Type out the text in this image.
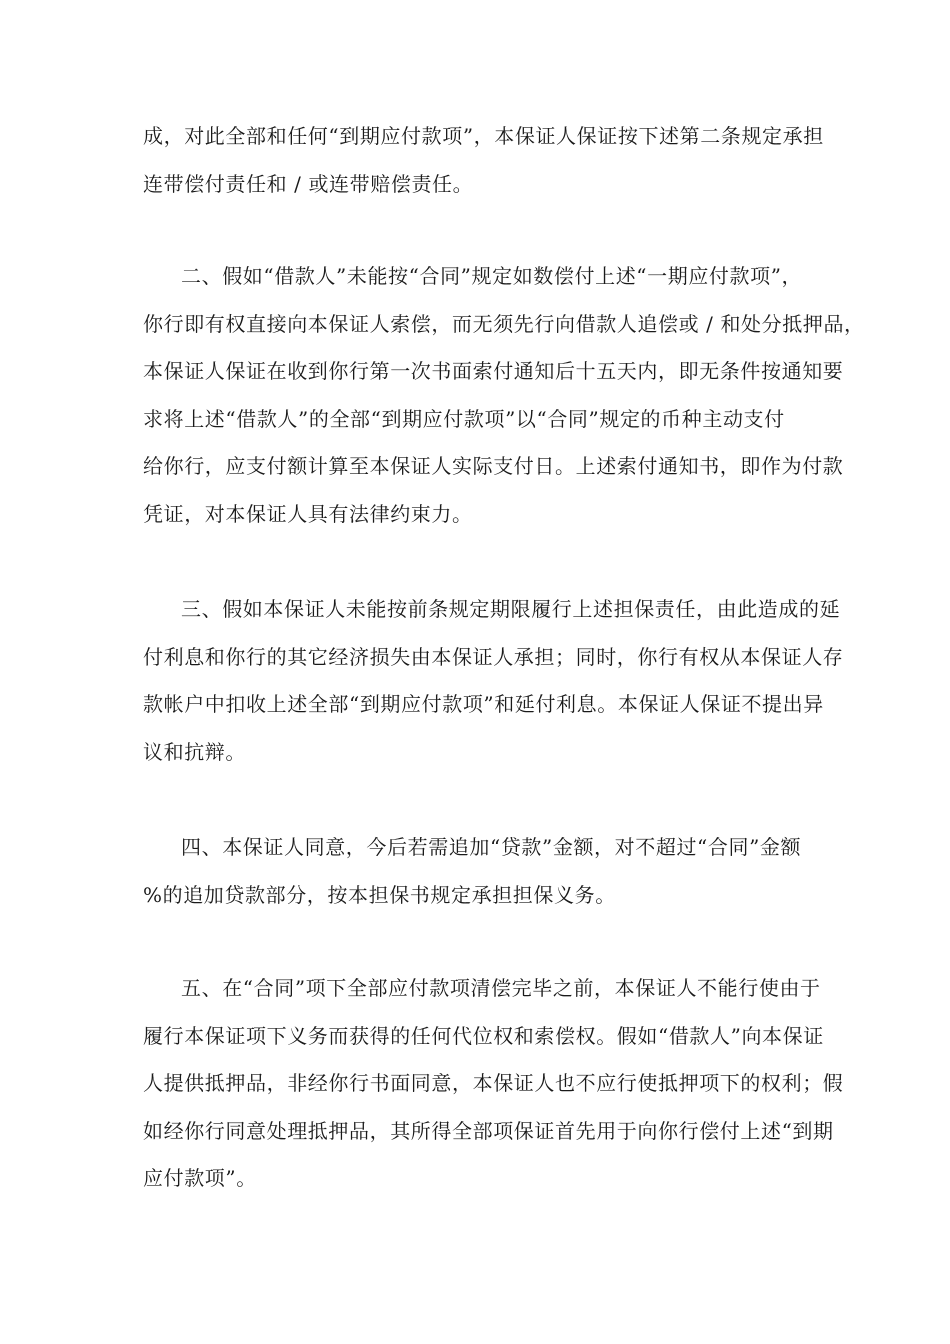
成，对此全部和任何“到期应付款项”，本保证人保证按下述第二条规定承担
连带偿付责任和 / 或连带赔偿责任。

二、假如“借款人”未能按“合同”规定如数偿付上述“一期应付款项”，
你行即有权直接向本保证人索偿，而无须先行向借款人追偿或 / 和处分抵押品，
本保证人保证在收到你行第一次书面索付通知后十五天内，即无条件按通知要
求将上述“借款人”的全部“到期应付款项”以“合同”规定的币种主动支付
给你行，应支付额计算至本保证人实际支付日。上述索付通知书，即作为付款
凭证，对本保证人具有法律约束力。

三、假如本保证人未能按前条规定期限履行上述担保责任，由此造成的延
付利息和你行的其它经济损失由本保证人承担；同时，你行有权从本保证人存
款帐户中扣收上述全部“到期应付款项”和延付利息。本保证人保证不提出异
议和抗辩。

四、本保证人同意，今后若需追加“贷款”金额，对不超过“合同”金额
%的追加贷款部分，按本担保书规定承担担保义务。

五、在“合同”项下全部应付款项清偿完毕之前，本保证人不能行使由于
履行本保证项下义务而获得的任何代位权和索偿权。假如“借款人”向本保证
人提供抵押品，非经你行书面同意，本保证人也不应行使抵押项下的权利；假
如经你行同意处理抵押品，其所得全部项保证首先用于向你行偿付上述“到期
应付款项”。
